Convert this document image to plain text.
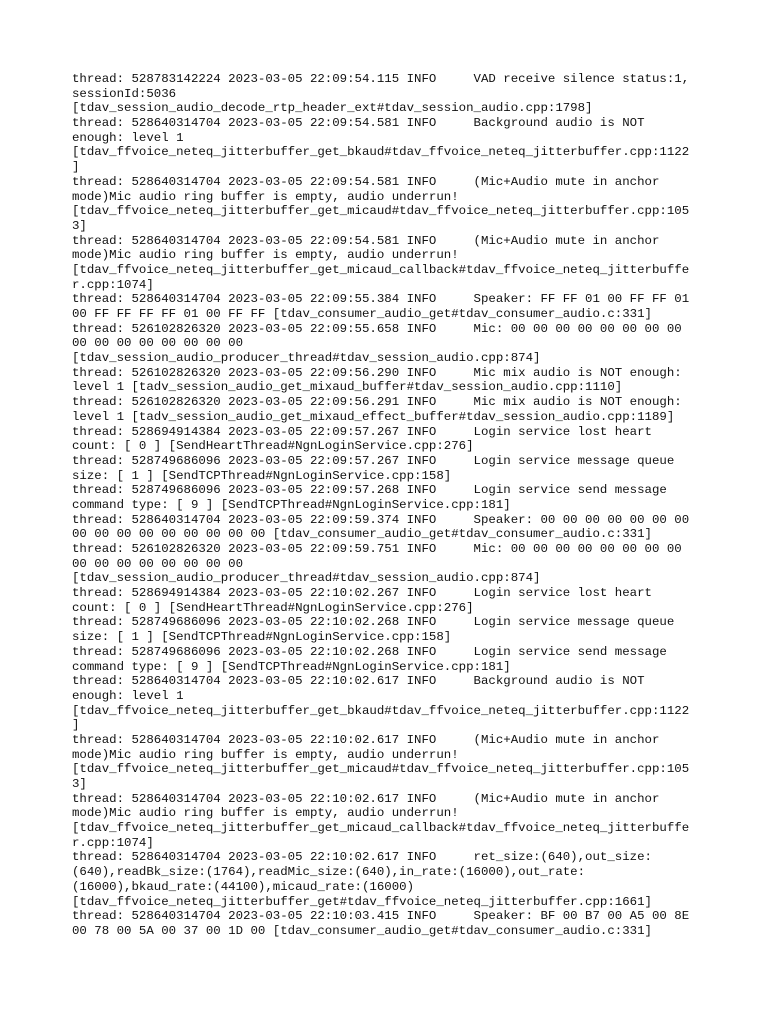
thread: 528783142224 2023-03-05 22:09:54.115 INFO     VAD receive silence status:1,
sessionId:5036
[tdav_session_audio_decode_rtp_header_ext#tdav_session_audio.cpp:1798]
thread: 528640314704 2023-03-05 22:09:54.581 INFO     Background audio is NOT
enough: level 1
[tdav_ffvoice_neteq_jitterbuffer_get_bkaud#tdav_ffvoice_neteq_jitterbuffer.cpp:1122
]
thread: 528640314704 2023-03-05 22:09:54.581 INFO     (Mic+Audio mute in anchor
mode)Mic audio ring buffer is empty, audio underrun!
[tdav_ffvoice_neteq_jitterbuffer_get_micaud#tdav_ffvoice_neteq_jitterbuffer.cpp:105
3]
thread: 528640314704 2023-03-05 22:09:54.581 INFO     (Mic+Audio mute in anchor
mode)Mic audio ring buffer is empty, audio underrun!
[tdav_ffvoice_neteq_jitterbuffer_get_micaud_callback#tdav_ffvoice_neteq_jitterbuffe
r.cpp:1074]
thread: 528640314704 2023-03-05 22:09:55.384 INFO     Speaker: FF FF 01 00 FF FF 01
00 FF FF FF FF 01 00 FF FF [tdav_consumer_audio_get#tdav_consumer_audio.c:331]
thread: 526102826320 2023-03-05 22:09:55.658 INFO     Mic: 00 00 00 00 00 00 00 00
00 00 00 00 00 00 00 00
[tdav_session_audio_producer_thread#tdav_session_audio.cpp:874]
thread: 526102826320 2023-03-05 22:09:56.290 INFO     Mic mix audio is NOT enough:
level 1 [tadv_session_audio_get_mixaud_buffer#tdav_session_audio.cpp:1110]
thread: 526102826320 2023-03-05 22:09:56.291 INFO     Mic mix audio is NOT enough:
level 1 [tadv_session_audio_get_mixaud_effect_buffer#tdav_session_audio.cpp:1189]
thread: 528694914384 2023-03-05 22:09:57.267 INFO     Login service lost heart
count: [ 0 ] [SendHeartThread#NgnLoginService.cpp:276]
thread: 528749686096 2023-03-05 22:09:57.267 INFO     Login service message queue
size: [ 1 ] [SendTCPThread#NgnLoginService.cpp:158]
thread: 528749686096 2023-03-05 22:09:57.268 INFO     Login service send message
command type: [ 9 ] [SendTCPThread#NgnLoginService.cpp:181]
thread: 528640314704 2023-03-05 22:09:59.374 INFO     Speaker: 00 00 00 00 00 00 00
00 00 00 00 00 00 00 00 00 [tdav_consumer_audio_get#tdav_consumer_audio.c:331]
thread: 526102826320 2023-03-05 22:09:59.751 INFO     Mic: 00 00 00 00 00 00 00 00
00 00 00 00 00 00 00 00
[tdav_session_audio_producer_thread#tdav_session_audio.cpp:874]
thread: 528694914384 2023-03-05 22:10:02.267 INFO     Login service lost heart
count: [ 0 ] [SendHeartThread#NgnLoginService.cpp:276]
thread: 528749686096 2023-03-05 22:10:02.268 INFO     Login service message queue
size: [ 1 ] [SendTCPThread#NgnLoginService.cpp:158]
thread: 528749686096 2023-03-05 22:10:02.268 INFO     Login service send message
command type: [ 9 ] [SendTCPThread#NgnLoginService.cpp:181]
thread: 528640314704 2023-03-05 22:10:02.617 INFO     Background audio is NOT
enough: level 1
[tdav_ffvoice_neteq_jitterbuffer_get_bkaud#tdav_ffvoice_neteq_jitterbuffer.cpp:1122
]
thread: 528640314704 2023-03-05 22:10:02.617 INFO     (Mic+Audio mute in anchor
mode)Mic audio ring buffer is empty, audio underrun!
[tdav_ffvoice_neteq_jitterbuffer_get_micaud#tdav_ffvoice_neteq_jitterbuffer.cpp:105
3]
thread: 528640314704 2023-03-05 22:10:02.617 INFO     (Mic+Audio mute in anchor
mode)Mic audio ring buffer is empty, audio underrun!
[tdav_ffvoice_neteq_jitterbuffer_get_micaud_callback#tdav_ffvoice_neteq_jitterbuffe
r.cpp:1074]
thread: 528640314704 2023-03-05 22:10:02.617 INFO     ret_size:(640),out_size:
(640),readBk_size:(1764),readMic_size:(640),in_rate:(16000),out_rate:
(16000),bkaud_rate:(44100),micaud_rate:(16000)
[tdav_ffvoice_neteq_jitterbuffer_get#tdav_ffvoice_neteq_jitterbuffer.cpp:1661]
thread: 528640314704 2023-03-05 22:10:03.415 INFO     Speaker: BF 00 B7 00 A5 00 8E
00 78 00 5A 00 37 00 1D 00 [tdav_consumer_audio_get#tdav_consumer_audio.c:331]
